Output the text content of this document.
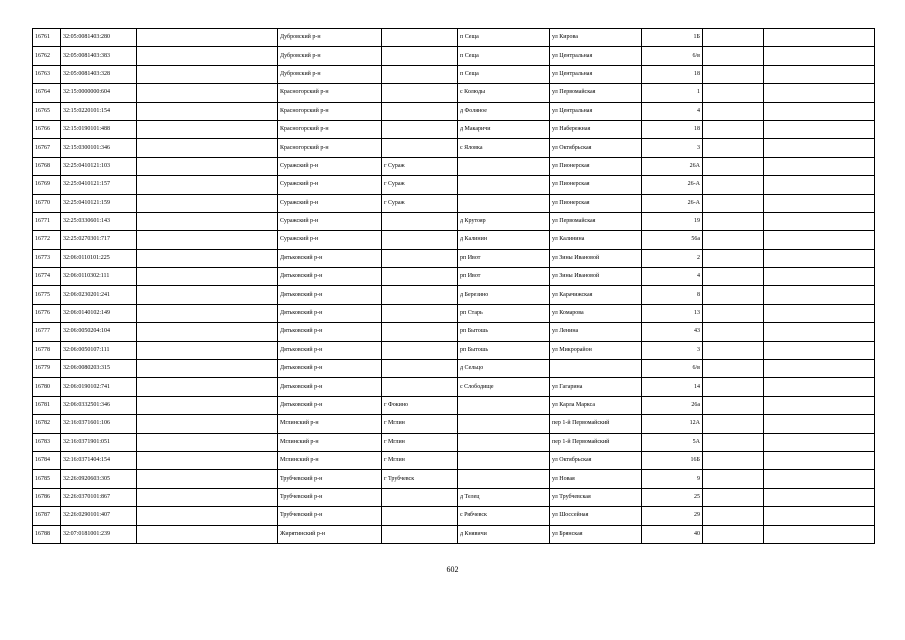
16761	32:05:0081403:280		Дубровский р-н		п Сеща	ул Кирова	1Б		
16762	32:05:0081403:383		Дубровский р-н		п Сеща	ул Центральная	6/в		
16763	32:05:0081403:328		Дубровский р-н		п Сеща	ул Центральная	18		
16764	32:15:0000000:604		Красногорский р-н		с Колюды	ул Первомайская	1		
16765	32:15:0220101:154		Красногорский р-н		д Фоляное	ул Центральная	4		
16766	32:15:0190101:488		Красногорский р-н		д Макаричи	ул Набережная	18		
16767	32:15:0300101:346		Красногорский р-н		с Яловка	ул Октябрьская	3		
16768	32:25:0410121:103		Суражский р-н	г Сураж		ул Пионерская	26А		
16769	32:25:0410121:157		Суражский р-н	г Сураж		ул Пионерская	26-А		
16770	32:25:0410121:159		Суражский р-н	г Сураж		ул Пионерская	26-А		
16771	32:25:0330601:143		Суражский р-н		д Крутояр	ул Первомайская	19		
16772	32:25:0270301:717		Суражский р-н		д Калинин	ул Калинина	56а		
16773	32:06:0110101:225		Дятьковский р-н		рп Ивот	ул Зины Ивановой	2		
16774	32:06:0110302:111		Дятьковский р-н		рп Ивот	ул Зины Ивановой	4		
16775	32:06:0230201:241		Дятьковский р-н		д Березино	ул Карачижская	8		
16776	32:06:0140102:149		Дятьковский р-н		рп Старь	ул Комарова	13		
16777	32:06:0050204:104		Дятьковский р-н		рп Бытошь	ул Ленина	43		
16778	32:06:0050107:111		Дятьковский р-н		рп Бытошь	ул Микрорайон	3		
16779	32:06:0080203:315		Дятьковский р-н		д Сельцо		6/в		
16780	32:06:0190102:741		Дятьковский р-н		с Слободище	ул Гагарина	14		
16781	32:06:0332501:346		Дятьковский р-н	г Фокино		ул Карла Маркса	26а		
16782	32:16:0371601:106		Мглинский р-н	г Мглин		пер 1-й Первомайский	12А		
16783	32:16:0371901:051		Мглинский р-н	г Мглин		пер 1-й Первомайский	5А		
16784	32:16:0371404:154		Мглинский р-н	г Мглин		ул Октябрьская	16Б		
16785	32:26:0920603:305		Трубчевский р-н	г Трубчевск		ул Новая	9		
16786	32:26:0370101:867		Трубчевский р-н		д Телец	ул Трубчевская	25		
16787	32:26:0290101:407		Трубчевский р-н		с Рябчевск	ул Шоссейная	29		
16788	32:07:0181001:239		Жирятинский р-н		д Княвичи	ул Брянская	40		
602
